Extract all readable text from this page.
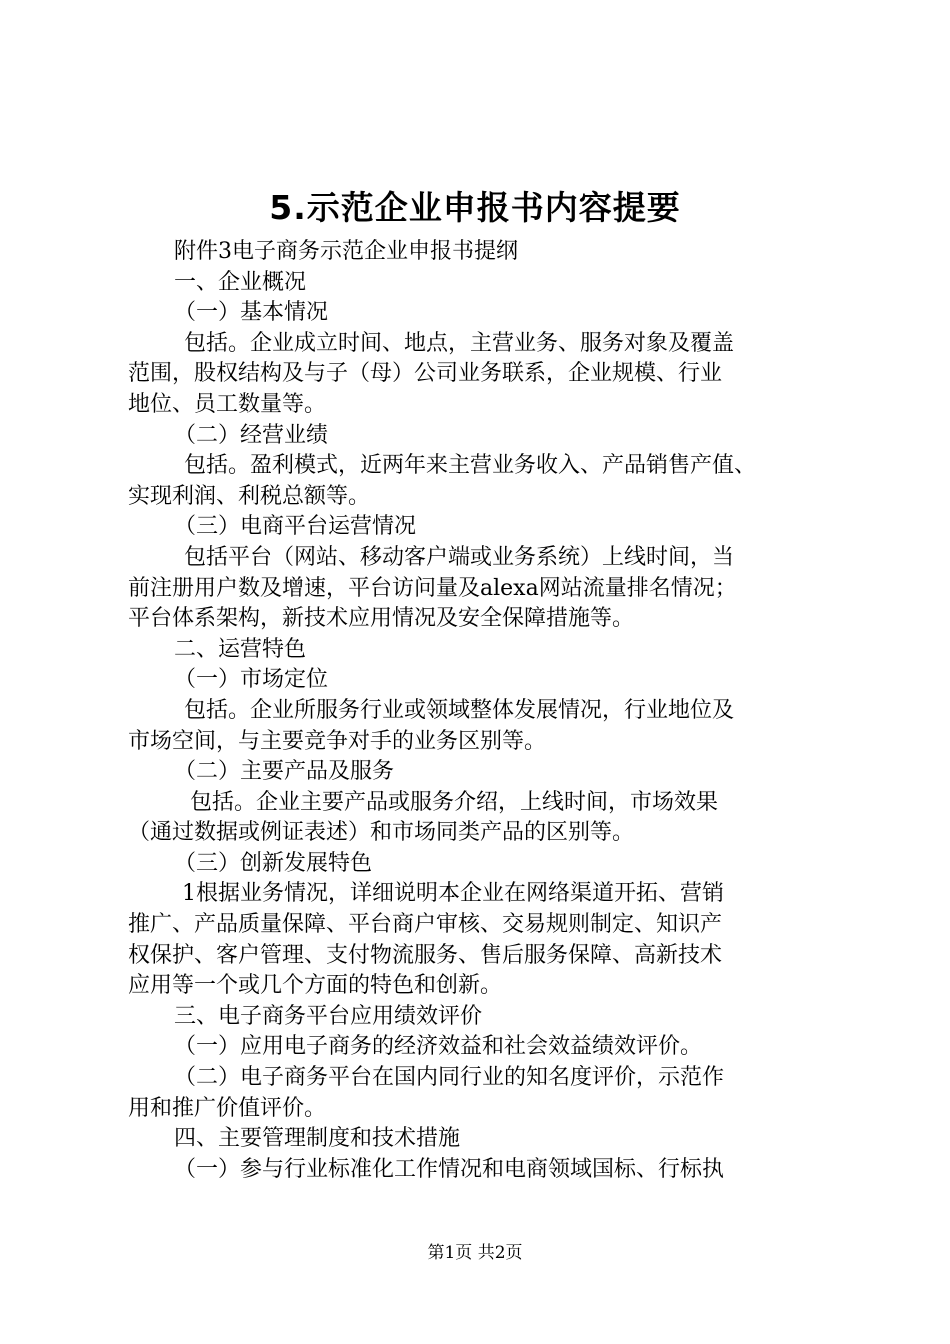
5.示范企业申报书内容提要
附件3电子商务示范企业申报书提纲
一、企业概况
（一）基本情况
包括。企业成立时间、地点，主营业务、服务对象及覆盖
范围，股权结构及与子（母）公司业务联系，企业规模、行业
地位、员工数量等。
（二）经营业绩
包括。盈利模式，近两年来主营业务收入、产品销售产值、
实现利润、利税总额等。
（三）电商平台运营情况
包括平台（网站、移动客户端或业务系统）上线时间，当
前注册用户数及增速，平台访问量及alexa网站流量排名情况；
平台体系架构，新技术应用情况及安全保障措施等。
二、运营特色
（一）市场定位
包括。企业所服务行业或领域整体发展情况，行业地位及
市场空间，与主要竞争对手的业务区别等。
（二）主要产品及服务
包括。企业主要产品或服务介绍，上线时间，市场效果
（通过数据或例证表述）和市场同类产品的区别等。
（三）创新发展特色
1根据业务情况，详细说明本企业在网络渠道开拓、营销
推广、产品质量保障、平台商户审核、交易规则制定、知识产
权保护、客户管理、支付物流服务、售后服务保障、高新技术
应用等一个或几个方面的特色和创新。
三、电子商务平台应用绩效评价
（一）应用电子商务的经济效益和社会效益绩效评价。
（二）电子商务平台在国内同行业的知名度评价，示范作
用和推广价值评价。
四、主要管理制度和技术措施
（一）参与行业标准化工作情况和电商领域国标、行标执
第1页 共2页
